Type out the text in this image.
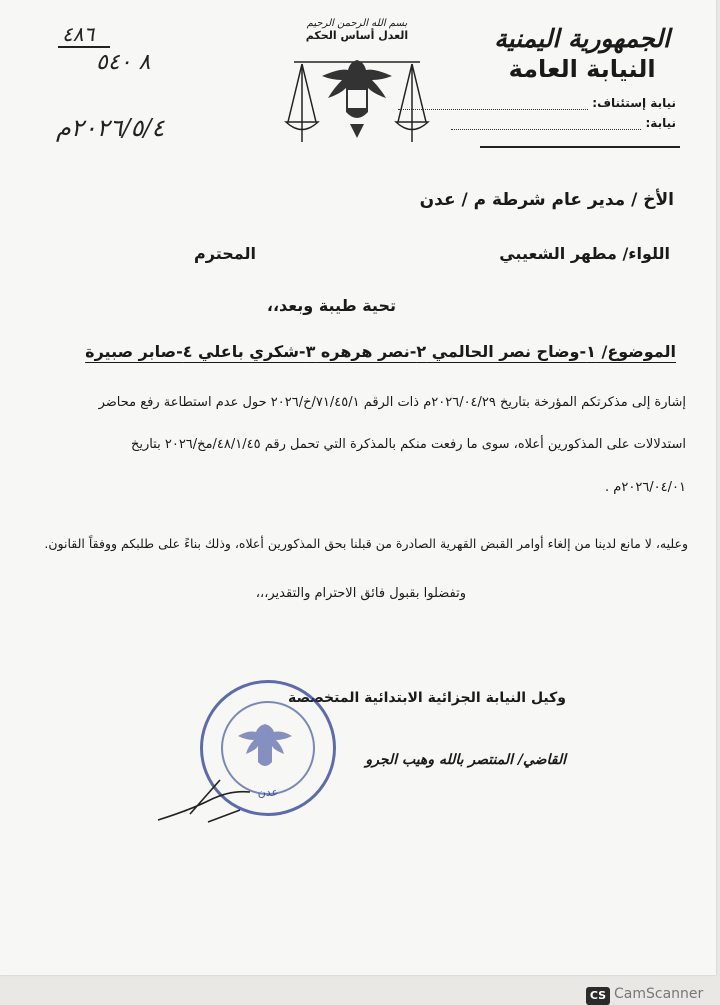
الجمهورية اليمنية
النيابة العامة
نيابة إستئناف:
نيابة:
بسم الله الرحمن الرحيم
العدل أساس الحكم
٤٨٦
٨ ٥٤٠
٢٠٢٦/٥/٤م
الأخ / مدير عام شرطة م / عدن
اللواء/ مطهر الشعيبي
المحترم
تحية طيبة وبعد،،
الموضوع/ ١-وضاح نصر الحالمي ٢-نصر هرهره ٣-شكري باعلي ٤-صابر صبيرة
إشارة إلى مذكرتكم المؤرخة بتاريخ ٢٠٢٦/٠٤/٢٩م ذات الرقم ٧١/٤٥/١/خ/٢٠٢٦ حول عدم استطاعة رفع محاضر
استدلالات على المذكورين أعلاه، سوى ما رفعت منكم بالمذكرة التي تحمل رقم ٤٨/١/٤٥/مخ/٢٠٢٦ بتاريخ
٢٠٢٦/٠٤/٠١م .
وعليه، لا مانع لدينا من إلغاء أوامر القبض القهرية الصادرة من قبلنا بحق المذكورين أعلاه، وذلك بناءً على طلبكم ووفقاً القانون.
وتفضلوا بقبول فائق الاحترام والتقدير،،،
وكيل النيابة الجزائية الابتدائية المتخصصة
القاضي/ المنتصر بالله وهيب الجرو
عدن
CS CamScanner
